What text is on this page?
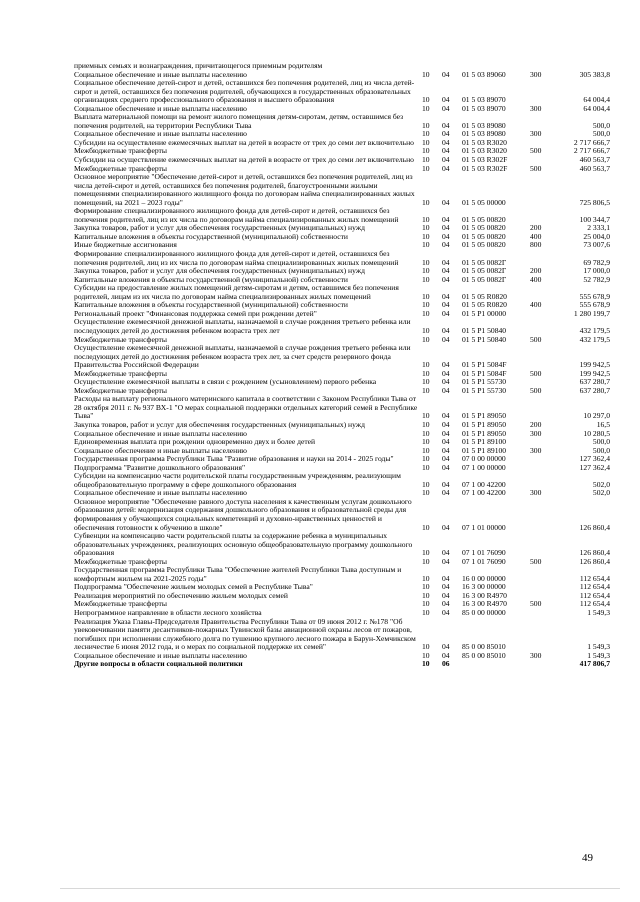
приемных семьях и вознаграждения, причитающегося приемным родителям					
Социальное обеспечение и иные выплаты населению	10	04	01 5 03 89060	300	305 383,8
Социальное обеспечение детей-сирот и детей, оставшихся без попечения родителей, лиц из числа детей-сирот и детей, оставшихся без попечения родителей, обучающихся в государственных образовательных организациях среднего профессионального образования и высшего образования	10	04	01 5 03 89070		64 004,4
Социальное обеспечение и иные выплаты населению	10	04	01 5 03 89070	300	64 004,4
Выплата материальной помощи на ремонт жилого помещения детям-сиротам, детям, оставшимся без попечения родителей, на территории Республики Тыва	10	04	01 5 03 89080		500,0
Социальное обеспечение и иные выплаты населению	10	04	01 5 03 89080	300	500,0
Субсидии на осуществление ежемесячных выплат на детей в возрасте от трех до семи лет включительно	10	04	01 5 03 R3020		2 717 666,7
Межбюджетные трансферты	10	04	01 5 03 R3020	500	2 717 666,7
Субсидии на осуществление ежемесячных выплат на детей в возрасте от трех до семи лет включительно	10	04	01 5 03 R302F		460 563,7
Межбюджетные трансферты	10	04	01 5 03 R302F	500	460 563,7
Основное мероприятие "Обеспечение детей-сирот и детей, оставшихся без попечения родителей, лиц из числа детей-сирот и детей, оставшихся без попечения родителей, благоустроенными жилыми помещениями специализированного жилищного фонда по договорам найма специализированных жилых помещений, на 2021 – 2023 годы"	10	04	01 5 05 00000		725 806,5
Формирование специализированного жилищного фонда для детей-сирот и детей, оставшихся без попечения родителей, лиц из их числа по договорам найма специализированных жилых помещений	10	04	01 5 05 00820		100 344,7
Закупка товаров, работ и услуг для обеспечения государственных (муниципальных) нужд	10	04	01 5 05 00820	200	2 333,1
Капитальные вложения в объекты государственной (муниципальной) собственности	10	04	01 5 05 00820	400	25 004,0
Иные бюджетные ассигнования	10	04	01 5 05 00820	800	73 007,6
Формирование специализированного жилищного фонда для детей-сирот и детей, оставшихся без попечения родителей, лиц из их числа по договорам найма специализированных жилых помещений	10	04	01 5 05 0082Г		69 782,9
Закупка товаров, работ и услуг для обеспечения государственных (муниципальных) нужд	10	04	01 5 05 0082Г	200	17 000,0
Капитальные вложения в объекты государственной (муниципальной) собственности	10	04	01 5 05 0082Г	400	52 782,9
Субсидии на предоставление жилых помещений детям-сиротам и детям, оставшимся без попечения родителей, лицам из их числа по договорам найма специализированных жилых помещений	10	04	01 5 05 R0820		555 678,9
Капитальные вложения в объекты государственной (муниципальной) собственности	10	04	01 5 05 R0820	400	555 678,9
Региональный проект "Финансовая поддержка семей при рождении детей"	10	04	01 5 P1 00000		1 280 199,7
Осуществление ежемесячной денежной выплаты, назначаемой в случае рождения третьего ребенка или последующих детей до достижения ребенком возраста трех лет	10	04	01 5 P1 50840		432 179,5
Межбюджетные трансферты	10	04	01 5 P1 50840	500	432 179,5
Осуществление ежемесячной денежной выплаты, назначаемой в случае рождения третьего ребенка или последующих детей до достижения ребенком возраста трех лет, за счет средств резервного фонда Правительства Российской Федерации	10	04	01 5 P1 5084F		199 942,5
Межбюджетные трансферты	10	04	01 5 P1 5084F	500	199 942,5
Осуществление ежемесячной выплаты в связи с рождением (усыновлением) первого ребенка	10	04	01 5 P1 55730		637 280,7
Межбюджетные трансферты	10	04	01 5 P1 55730	500	637 280,7
Расходы на выплату регионального материнского капитала в соответствии с Законом Республики Тыва от 28 октября 2011 г. № 937 ВХ-1 "О мерах социальной поддержки отдельных категорий семей в Республике Тыва"	10	04	01 5 P1 89050		10 297,0
Закупка товаров, работ и услуг для обеспечения государственных (муниципальных) нужд	10	04	01 5 P1 89050	200	16,5
Социальное обеспечение и иные выплаты населению	10	04	01 5 P1 89050	300	10 280,5
Единовременная выплата при рождении одновременно двух и более детей	10	04	01 5 P1 89100		500,0
Социальное обеспечение и иные выплаты населению	10	04	01 5 P1 89100	300	500,0
Государственная программа Республики Тыва "Развитие образования и науки на 2014 - 2025 годы"	10	04	07 0 00 00000		127 362,4
Подпрограмма "Развитие дошкольного образования"	10	04	07 1 00 00000		127 362,4
Субсидии на компенсацию части родительской платы государственным учреждениям, реализующим общеобразовательную программу в сфере дошкольного образования	10	04	07 1 00 42200		502,0
Социальное обеспечение и иные выплаты населению	10	04	07 1 00 42200	300	502,0
Основное мероприятие "Обеспечение равного доступа населения к качественным услугам дошкольного образования детей: модернизация содержания дошкольного образования и образовательной среды для формирования у обучающихся социальных компетенций и духовно-нравственных ценностей и обеспечения готовности к обучению в школе"	10	04	07 1 01 00000		126 860,4
Субвенции на компенсацию части родительской платы за содержание ребенка в муниципальных образовательных учреждениях, реализующих основную общеобразовательную программу дошкольного образования	10	04	07 1 01 76090		126 860,4
Межбюджетные трансферты	10	04	07 1 01 76090	500	126 860,4
Государственная программа Республики Тыва "Обеспечение жителей Республики Тыва доступным и комфортным жильем на 2021-2025 годы"	10	04	16 0 00 00000		112 654,4
Подпрограмма "Обеспечение жильем молодых семей в Республике Тыва"	10	04	16 3 00 00000		112 654,4
Реализация мероприятий по обеспечению жильем молодых семей	10	04	16 3 00 R4970		112 654,4
Межбюджетные трансферты	10	04	16 3 00 R4970	500	112 654,4
Непрограммное направление в области лесного хозяйства	10	04	85 0 00 00000		1 549,3
Реализация Указа Главы-Председателя Правительства Республики Тыва от 09 июня 2012 г. №178 "Об увековечивании памяти десантников-пожарных Тувинской базы авиационной охраны лесов от пожаров, погибших при исполнении служебного долга по тушению крупного лесного пожара в Барун-Хемчикском лесничестве 6 июня 2012 года, и о мерах по социальной поддержке их семей"	10	04	85 0 00 85010		1 549,3
Социальное обеспечение и иные выплаты населению	10	04	85 0 00 85010	300	1 549,3
Другие вопросы в области социальной политики	10	06			417 806,7
49
